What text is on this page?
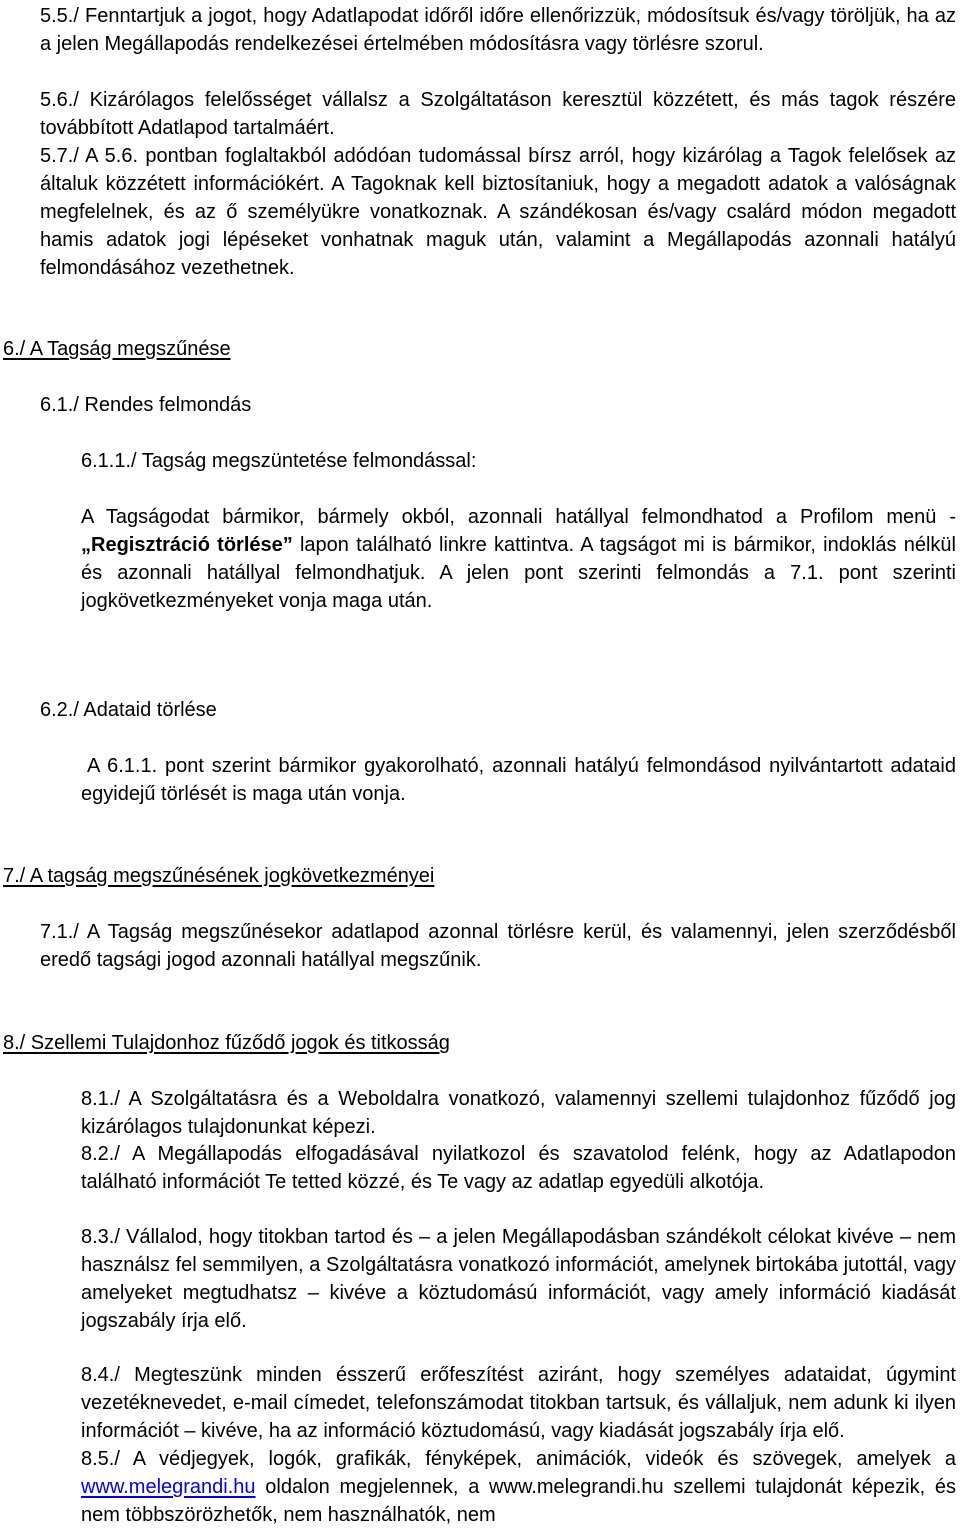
5.5./ Fenntartjuk a jogot, hogy Adatlapodat időről időre ellenőrizzük, módosítsuk és/vagy töröljük, ha az a jelen Megállapodás rendelkezései értelmében módosításra vagy törlésre szorul.

5.6./ Kizárólagos felelősséget vállalsz a Szolgáltatáson keresztül közzétett, és más tagok részére továbbított Adatlapod tartalmáért.

5.7./ A 5.6. pontban foglaltakból adódóan tudomással bírsz arról, hogy kizárólag a Tagok felelősek az általuk közzétett információkért. A Tagoknak kell biztosítaniuk, hogy a megadott adatok a valóságnak megfelelnek, és az ő személyükre vonatkoznak. A szándékosan és/vagy csalárd módon megadott hamis adatok jogi lépéseket vonhatnak maguk után, valamint a Megállapodás azonnali hatályú felmondásához vezethetnek.

6./ A Tagság megszűnése

6.1./ Rendes felmondás

6.1.1./ Tagság megszüntetése felmondással:

A Tagságodat bármikor, bármely okból, azonnali hatállyal felmondhatod a Profilom menü - „Regisztráció törlése” lapon található linkre kattintva. A tagságot mi is bármikor, indoklás nélkül és azonnali hatállyal felmondhatjuk. A jelen pont szerinti felmondás a 7.1. pont szerinti jogkövetkezményeket vonja maga után.

6.2./ Adataid törlése

A 6.1.1. pont szerint bármikor gyakorolható, azonnali hatályú felmondásod nyilvántartott adataid egyidejű törlését is maga után vonja.

7./ A tagság megszűnésének jogkövetkezményei

7.1./ A Tagság megszűnésekor adatlapod azonnal törlésre kerül, és valamennyi, jelen szerződésből eredő tagsági jogod azonnali hatállyal megszűnik.

8./ Szellemi Tulajdonhoz fűződő jogok és titkosság

8.1./ A Szolgáltatásra és a Weboldalra vonatkozó, valamennyi szellemi tulajdonhoz fűződő jog kizárólagos tulajdonunkat képezi.

8.2./ A Megállapodás elfogadásával nyilatkozol és szavatolod felénk, hogy az Adatlapodon található információt Te tetted közzé, és Te vagy az adatlap egyedüli alkotója.

8.3./ Vállalod, hogy titokban tartod és – a jelen Megállapodásban szándékolt célokat kivéve – nem használsz fel semmilyen, a Szolgáltatásra vonatkozó információt, amelynek birtokába jutottál, vagy amelyeket megtudhatsz – kivéve a köztudomású információt, vagy amely információ kiadását jogszabály írja elő.

8.4./ Megteszünk minden ésszerű erőfeszítést aziránt, hogy személyes adataidat, úgymint vezetéknevedet, e-mail címedet, telefonszámodat titokban tartsuk, és vállaljuk, nem adunk ki ilyen információt – kivéve, ha az információ köztudomású, vagy kiadását jogszabály írja elő.

8.5./ A védjegyek, logók, grafikák, fényképek, animációk, videók és szövegek, amelyek a www.melegrandi.hu oldalon megjelennek, a www.melegrandi.hu szellemi tulajdonát képezik, és nem többszörözhetők, nem használhatók, nem
